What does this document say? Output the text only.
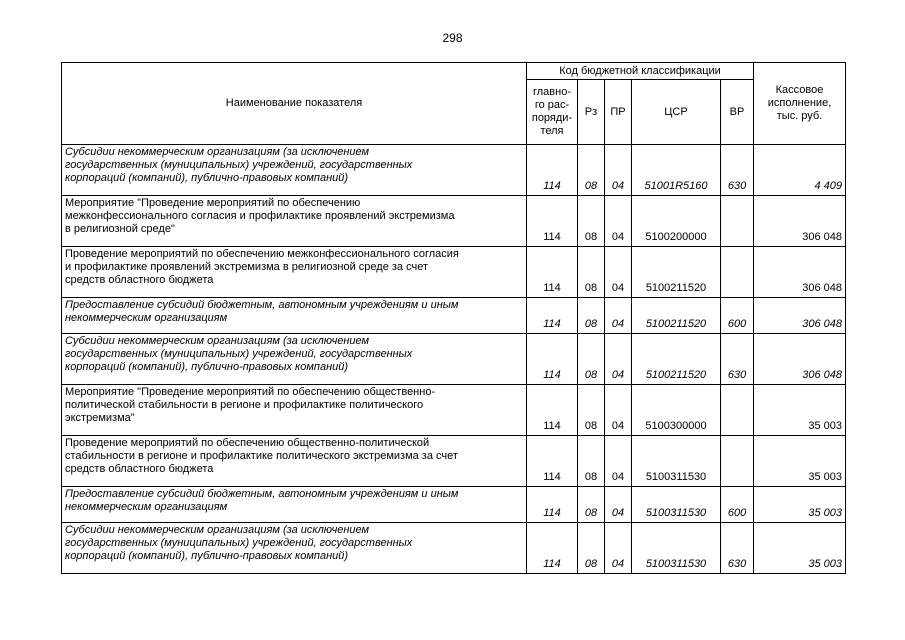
298
Наименование показателя	Код бюджетной классификации					Кассовое
исполнение,
тыс. руб.

	главно-
го рас-
поряди-
теля	Рз	ПР	ЦСР	ВР	

Субсидии некоммерческим организациям (за исключением
государственных (муниципальных) учреждений, государственных
корпораций (компаний), публично-правовых компаний)	114	08	04	51001R5160	630	4 409

Мероприятие "Проведение мероприятий по обеспечению
межконфессионального согласия и профилактике проявлений экстремизма
в религиозной среде"	114	08	04	5100200000		306 048

Проведение мероприятий по обеспечению межконфессионального согласия
и профилактике проявлений экстремизма в религиозной среде за счет
средств областного бюджета	114	08	04	5100211520		306 048

Предоставление субсидий бюджетным, автономным учреждениям и иным
некоммерческим организациям	114	08	04	5100211520	600	306 048

Субсидии некоммерческим организациям (за исключением
государственных (муниципальных) учреждений, государственных
корпораций (компаний), публично-правовых компаний)	114	08	04	5100211520	630	306 048

Мероприятие "Проведение мероприятий по обеспечению общественно-
политической стабильности в регионе и профилактике политического
экстремизма"	114	08	04	5100300000		35 003

Проведение мероприятий по обеспечению общественно-политической
стабильности в регионе и профилактике политического экстремизма за счет
средств областного бюджета	114	08	04	5100311530		35 003

Предоставление субсидий бюджетным, автономным учреждениям и иным
некоммерческим организациям	114	08	04	5100311530	600	35 003

Субсидии некоммерческим организациям (за исключением
государственных (муниципальных) учреждений, государственных
корпораций (компаний), публично-правовых компаний)	114	08	04	5100311530	630	35 003
